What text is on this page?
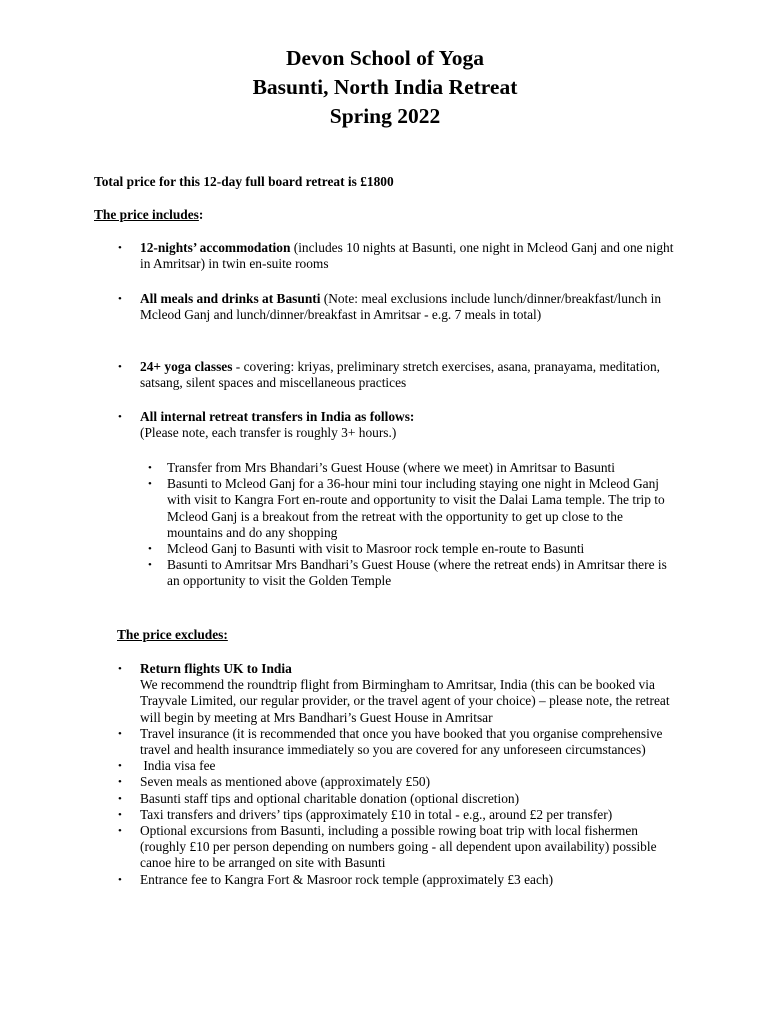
Devon School of Yoga
Basunti, North India Retreat
Spring 2022
Total price for this 12-day full board retreat is £1800
The price includes:
• 12-nights’ accommodation (includes 10 nights at Basunti, one night in Mcleod Ganj and one night in Amritsar) in twin en-suite rooms
• All meals and drinks at Basunti (Note: meal exclusions include lunch/dinner/breakfast/lunch in Mcleod Ganj and lunch/dinner/breakfast in Amritsar - e.g. 7 meals in total)
• 24+ yoga classes - covering: kriyas, preliminary stretch exercises, asana, pranayama, meditation, satsang, silent spaces and miscellaneous practices
• All internal retreat transfers in India as follows:
(Please note, each transfer is roughly 3+ hours.)
• Transfer from Mrs Bhandari’s Guest House (where we meet) in Amritsar to Basunti
• Basunti to Mcleod Ganj for a 36-hour mini tour including staying one night in Mcleod Ganj with visit to Kangra Fort en-route and opportunity to visit the Dalai Lama temple. The trip to Mcleod Ganj is a breakout from the retreat with the opportunity to get up close to the mountains and do any shopping
• Mcleod Ganj to Basunti with visit to Masroor rock temple en-route to Basunti
• Basunti to Amritsar Mrs Bandhari’s Guest House (where the retreat ends) in Amritsar there is an opportunity to visit the Golden Temple
The price excludes:
• Return flights UK to India
We recommend the roundtrip flight from Birmingham to Amritsar, India (this can be booked via Trayvale Limited, our regular provider, or the travel agent of your choice) – please note, the retreat will begin by meeting at Mrs Bandhari’s Guest House in Amritsar
• Travel insurance (it is recommended that once you have booked that you organise comprehensive travel and health insurance immediately so you are covered for any unforeseen circumstances)
• India visa fee
• Seven meals as mentioned above (approximately £50)
• Basunti staff tips and optional charitable donation (optional discretion)
• Taxi transfers and drivers’ tips (approximately £10 in total - e.g., around £2 per transfer)
• Optional excursions from Basunti, including a possible rowing boat trip with local fishermen (roughly £10 per person depending on numbers going - all dependent upon availability) possible canoe hire to be arranged on site with Basunti
• Entrance fee to Kangra Fort & Masroor rock temple (approximately £3 each)
